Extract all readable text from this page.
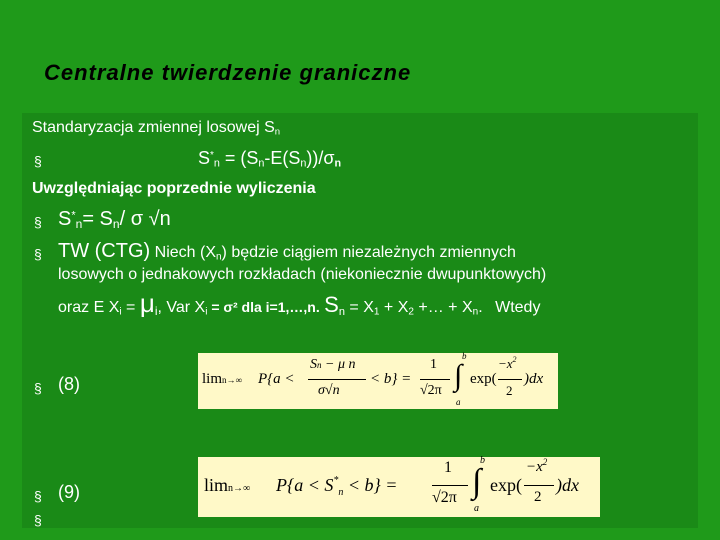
Centralne twierdzenie graniczne
Standaryzacja zmiennej losowej $S_n$
§	$S^*_n = (S_n-E(S_n))/\sigma_n$
Uwzględniając poprzednie wyliczenia
§ $S^*_n= S_n/$ σ √n
§ TW (CTG) Niech $(X_n)$ będzie ciągiem niezależnych zmiennych
losowych o jednakowych rozkładach (niekoniecznie dwupunktowych)
oraz E $X_i = \mu_i$, Var $X_i = \sigma^2$ dla i=1,…,n. $S_n = X_1 + X_2$ +… + $X_n$. Wtedy
§ (8)	limn→∞ P{a <
Sn − μ n
σ√n
< b} =
1
√2π
b
∫
a
exp(
$-x^2$
2
)dx
§ (9)
§
limn→∞ $P\{a < S^*_n < b\}$ =
1
√2π
b
∫
a
exp(
$-x^2$
2
)dx
